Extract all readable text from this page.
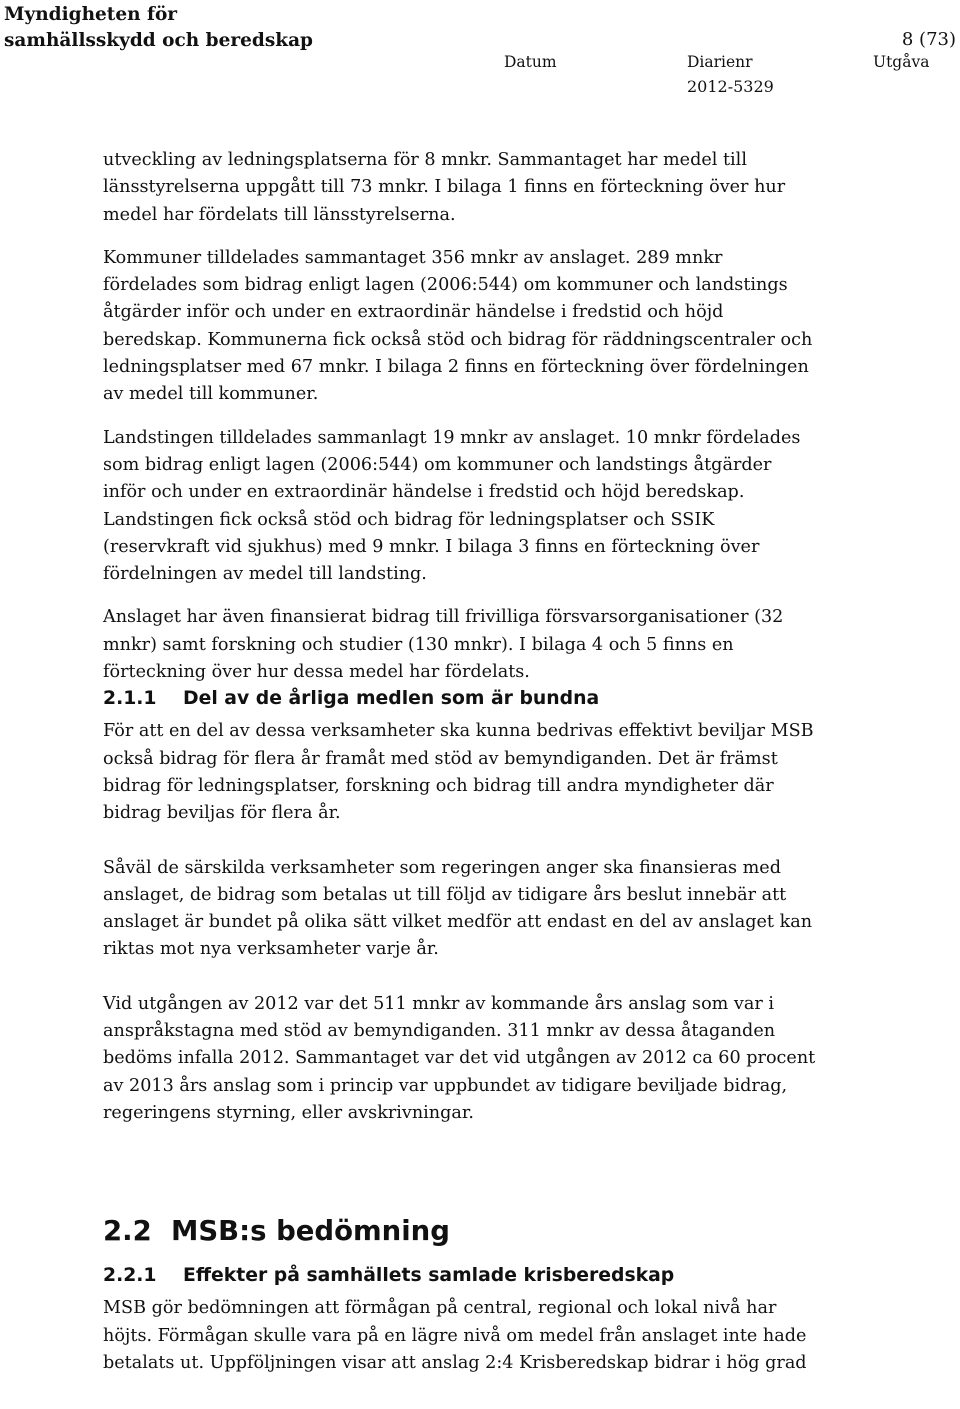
Myndigheten för
samhällsskydd och beredskap	8 (73)
Datum	Diarienr	Utgåva
2012-5329

utveckling av ledningsplatserna för 8 mnkr. Sammantaget har medel till
länsstyrelserna uppgått till 73 mnkr. I bilaga 1 finns en förteckning över hur
medel har fördelats till länsstyrelserna.

Kommuner tilldelades sammantaget 356 mnkr av anslaget. 289 mnkr
fördelades som bidrag enligt lagen (2006:544) om kommuner och landstings
åtgärder inför och under en extraordinär händelse i fredstid och höjd
beredskap. Kommunerna fick också stöd och bidrag för räddningscentraler och
ledningsplatser med 67 mnkr. I bilaga 2 finns en förteckning över fördelningen
av medel till kommuner.

Landstingen tilldelades sammanlagt 19 mnkr av anslaget. 10 mnkr fördelades
som bidrag enligt lagen (2006:544) om kommuner och landstings åtgärder
inför och under en extraordinär händelse i fredstid och höjd beredskap.
Landstingen fick också stöd och bidrag för ledningsplatser och SSIK
(reservkraft vid sjukhus) med 9 mnkr. I bilaga 3 finns en förteckning över
fördelningen av medel till landsting.

Anslaget har även finansierat bidrag till frivilliga försvarsorganisationer (32
mnkr) samt forskning och studier (130 mnkr). I bilaga 4 och 5 finns en
förteckning över hur dessa medel har fördelats.

2.1.1 Del av de årliga medlen som är bundna

För att en del av dessa verksamheter ska kunna bedrivas effektivt beviljar MSB
också bidrag för flera år framåt med stöd av bemyndiganden. Det är främst
bidrag för ledningsplatser, forskning och bidrag till andra myndigheter där
bidrag beviljas för flera år.

Såväl de särskilda verksamheter som regeringen anger ska finansieras med
anslaget, de bidrag som betalas ut till följd av tidigare års beslut innebär att
anslaget är bundet på olika sätt vilket medför att endast en del av anslaget kan
riktas mot nya verksamheter varje år.

Vid utgången av 2012 var det 511 mnkr av kommande års anslag som var i
anspråkstagna med stöd av bemyndiganden. 311 mnkr av dessa åtaganden
bedöms infalla 2012. Sammantaget var det vid utgången av 2012 ca 60 procent
av 2013 års anslag som i princip var uppbundet av tidigare beviljade bidrag,
regeringens styrning, eller avskrivningar.

2.2 MSB:s bedömning
2.2.1 Effekter på samhällets samlade krisberedskap

MSB gör bedömningen att förmågan på central, regional och lokal nivå har
höjts. Förmågan skulle vara på en lägre nivå om medel från anslaget inte hade
betalats ut. Uppföljningen visar att anslag 2:4 Krisberedskap bidrar i hög grad
